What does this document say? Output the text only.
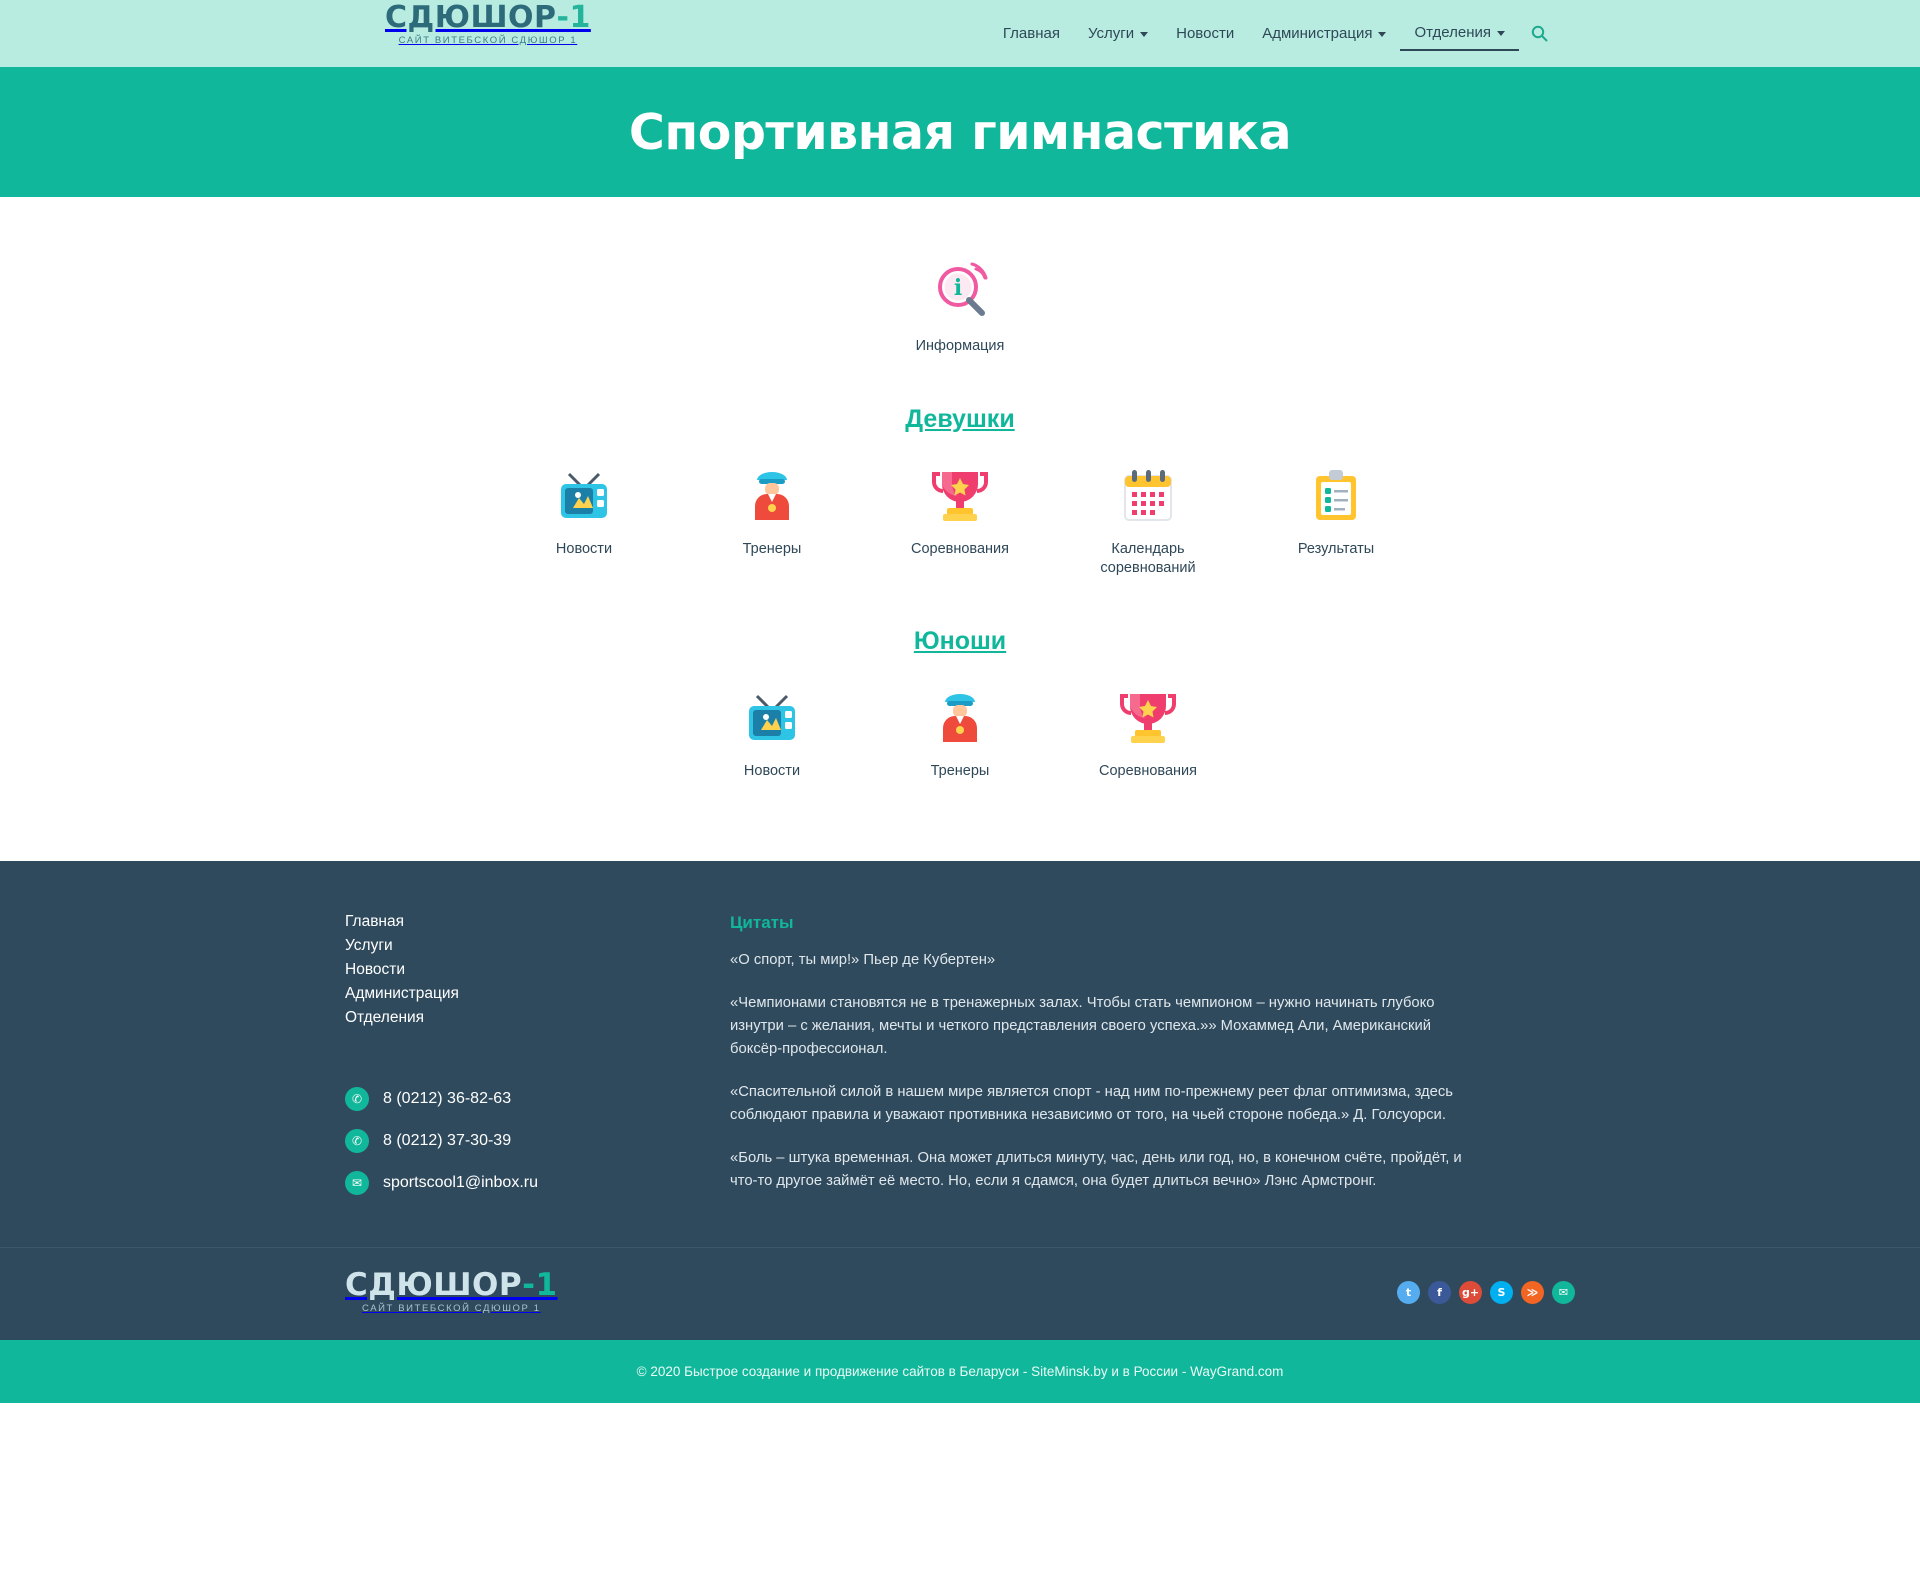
СДЮШОР-1
САЙТ ВИТЕБСКОЙ СДЮШОР 1	Главная Услуги	Новости Администрация	Отделения
Спортивная гимнастика
i
Информация
Девушки
Новости	Тренеры	Соревнования	Календарь соревнований
Результаты
Юноши
Новости	Тренеры	Соревнования
Главная
Услуги
Новости
Администрация
Отделения
✆	8 (0212) 36-82-63
✆	8 (0212) 37-30-39
✉	sportscool1@inbox.ru
Цитаты

«О спорт, ты мир!» Пьер де Кубертен»

«Чемпионами становятся не в тренажерных залах. Чтобы стать чемпионом – нужно начинать глубоко изнутри – с желания, мечты и четкого представления своего успеха.»» Мохаммед Али, Американский боксёр-профессионал.

«Спасительной силой в нашем мире является спорт - над ним по-прежнему реет флаг оптимизма, здесь соблюдают правила и уважают противника независимо от того, на чьей стороне победа.» Д. Голсуорси.

«Боль – штука временная. Она может длиться минуту, час, день или год, но, в конечном счёте, пройдёт, и что-то другое займёт её место. Но, если я сдамся, она будет длиться вечно» Лэнс Армстронг.

СДЮШОР-1
САЙТ ВИТЕБСКОЙ СДЮШОР 1
t	f	g+	S	≫	✉
© 2020 Быстрое создание и продвижение сайтов в Беларуси - SiteMinsk.by и в России - WayGrand.com
